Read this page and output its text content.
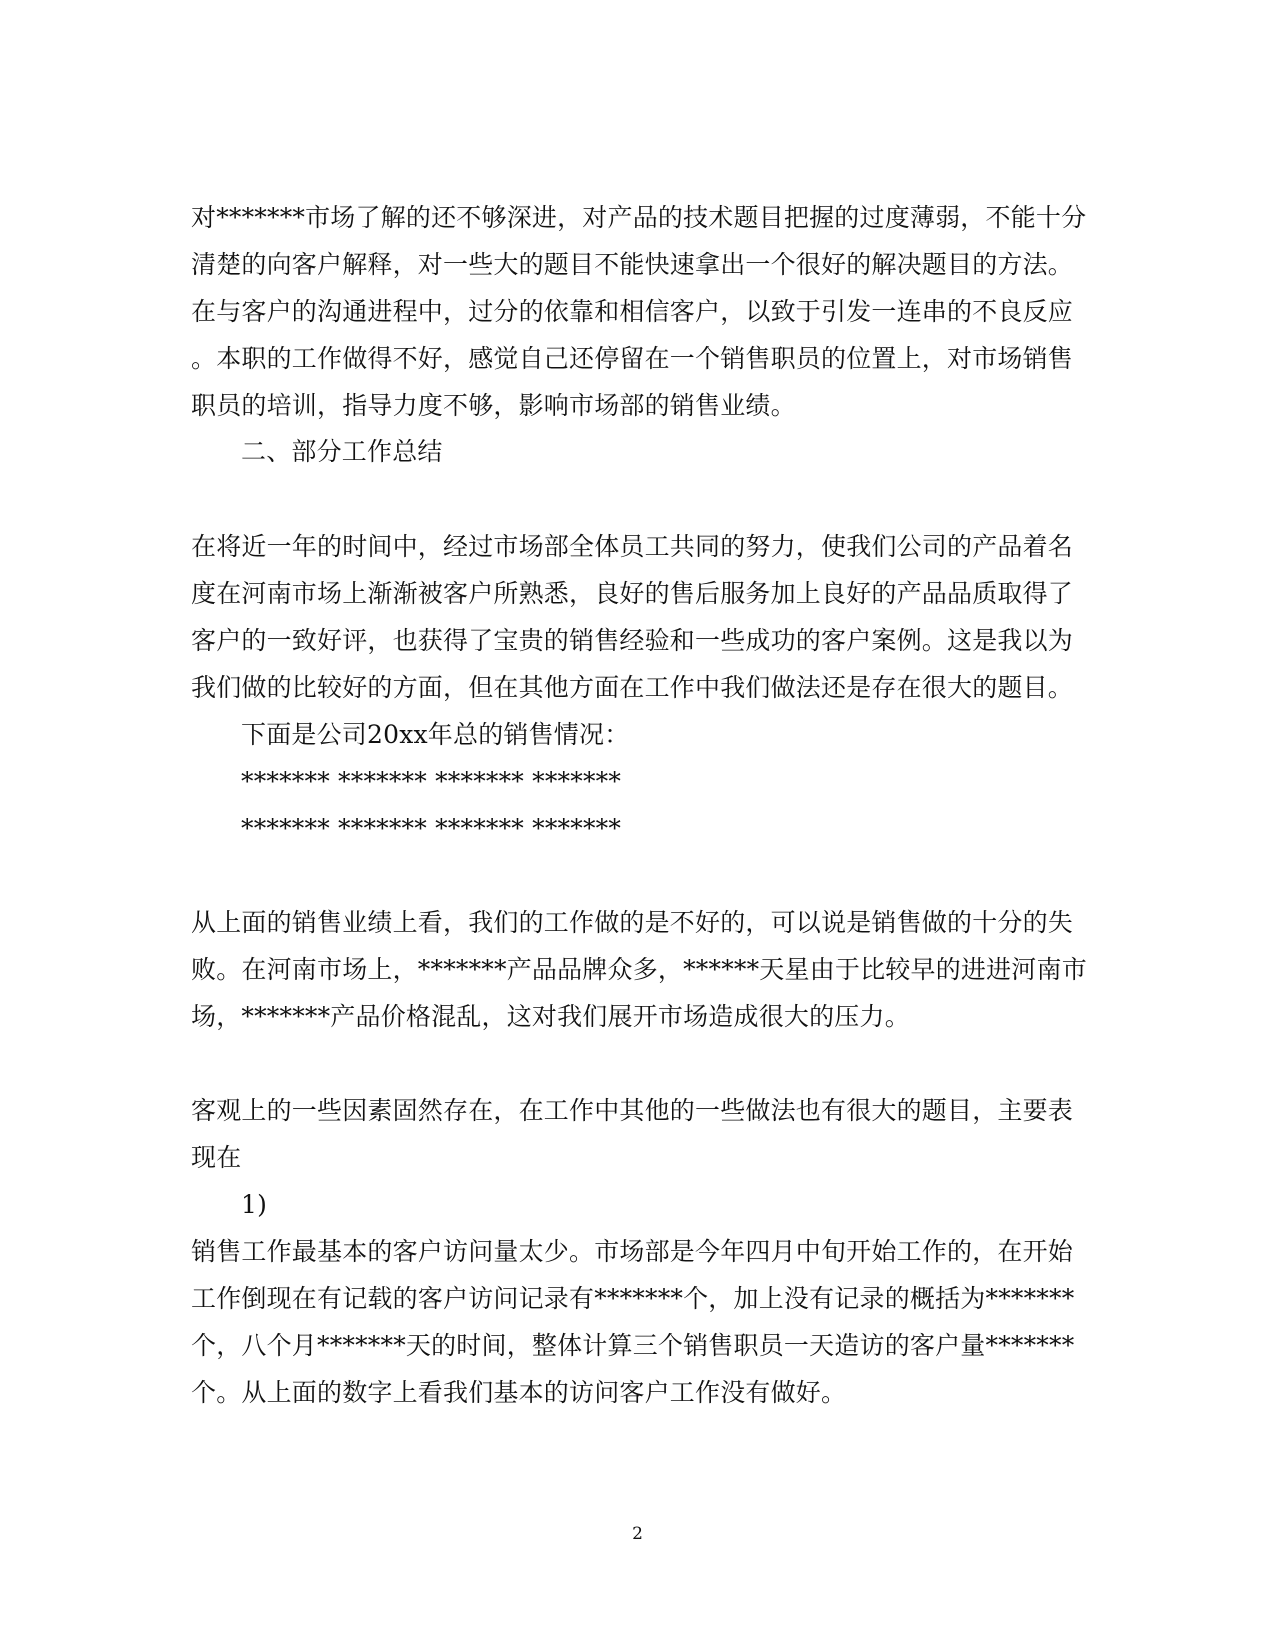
对*******市场了解的还不够深进，对产品的技术题目把握的过度薄弱，不能十分
清楚的向客户解释，对一些大的题目不能快速拿出一个很好的解决题目的方法。
在与客户的沟通进程中，过分的依靠和相信客户，以致于引发一连串的不良反应
。本职的工作做得不好，感觉自己还停留在一个销售职员的位置上，对市场销售
职员的培训，指导力度不够，影响市场部的销售业绩。
二、部分工作总结
在将近一年的时间中，经过市场部全体员工共同的努力，使我们公司的产品着名
度在河南市场上渐渐被客户所熟悉，良好的售后服务加上良好的产品品质取得了
客户的一致好评，也获得了宝贵的销售经验和一些成功的客户案例。这是我以为
我们做的比较好的方面，但在其他方面在工作中我们做法还是存在很大的题目。
下面是公司20xx年总的销售情况：
******* ******* ******* *******
******* ******* ******* *******
从上面的销售业绩上看，我们的工作做的是不好的，可以说是销售做的十分的失
败。在河南市场上，*******产品品牌众多，******天星由于比较早的进进河南市
场，*******产品价格混乱，这对我们展开市场造成很大的压力。
客观上的一些因素固然存在，在工作中其他的一些做法也有很大的题目，主要表
现在
1)
销售工作最基本的客户访问量太少。市场部是今年四月中旬开始工作的，在开始
工作倒现在有记载的客户访问记录有*******个，加上没有记录的概括为*******
个，八个月*******天的时间，整体计算三个销售职员一天造访的客户量*******
个。从上面的数字上看我们基本的访问客户工作没有做好。
2
